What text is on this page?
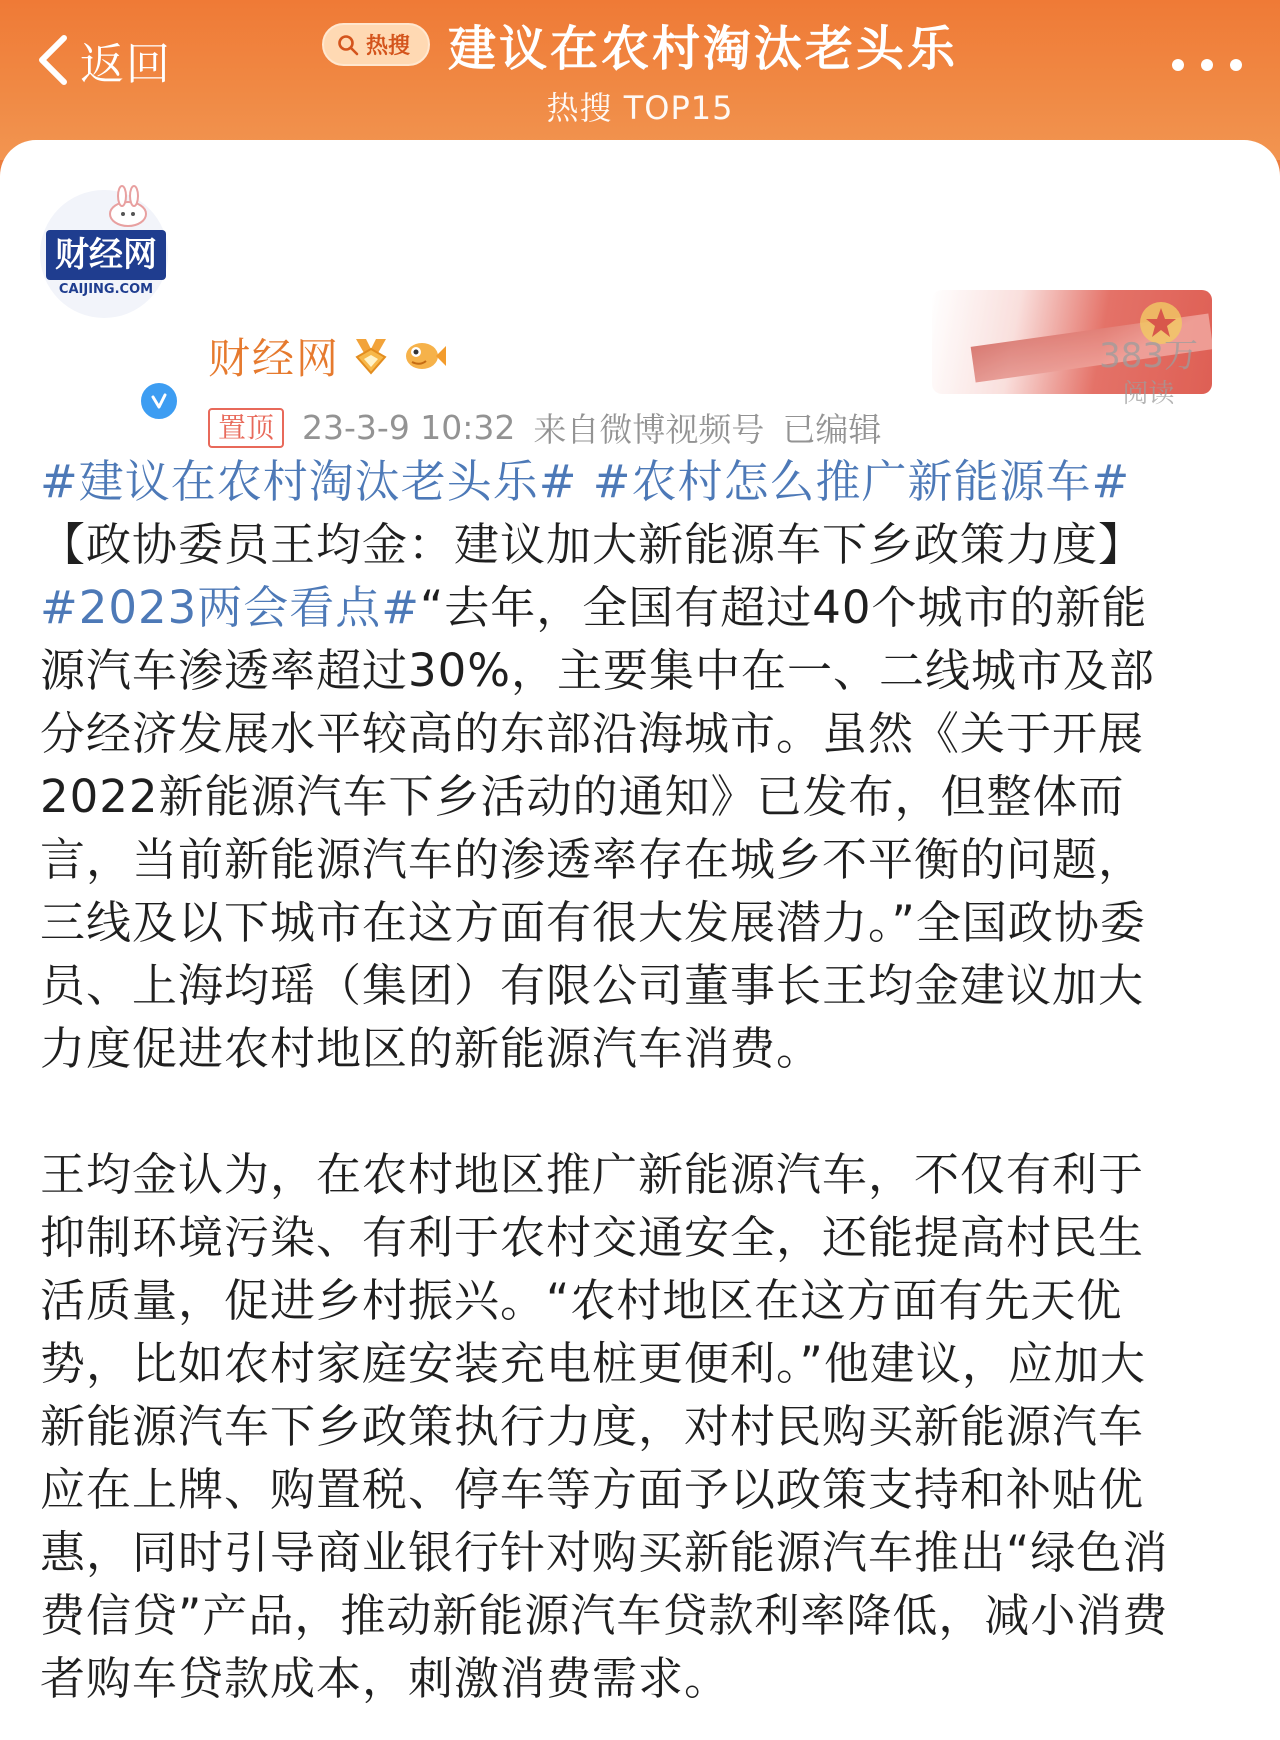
返回	热搜 建议在农村淘汰老头乐
热搜 TOP15
财经网
CAIJING.COM
财经网
置顶 23-3-9 10:32 来自微博视频号 已编辑
383万
阅读
#建议在农村淘汰老头乐# #农村怎么推广新能源车#
【政协委员王均金：建议加大新能源车下乡政策力度】
#2023两会看点#“去年，全国有超过40个城市的新能
源汽车渗透率超过30%，主要集中在一、二线城市及部
分经济发展水平较高的东部沿海城市。虽然《关于开展
2022新能源汽车下乡活动的通知》已发布，但整体而
言，当前新能源汽车的渗透率存在城乡不平衡的问题，
三线及以下城市在这方面有很大发展潜力。”全国政协委
员、上海均瑶（集团）有限公司董事长王均金建议加大
力度促进农村地区的新能源汽车消费。
王均金认为，在农村地区推广新能源汽车，不仅有利于
抑制环境污染、有利于农村交通安全，还能提高村民生
活质量，促进乡村振兴。“农村地区在这方面有先天优
势，比如农村家庭安装充电桩更便利。”他建议，应加大
新能源汽车下乡政策执行力度，对村民购买新能源汽车
应在上牌、购置税、停车等方面予以政策支持和补贴优
惠，同时引导商业银行针对购买新能源汽车推出“绿色消
费信贷”产品，推动新能源汽车贷款利率降低，减小消费
者购车贷款成本，刺激消费需求。
